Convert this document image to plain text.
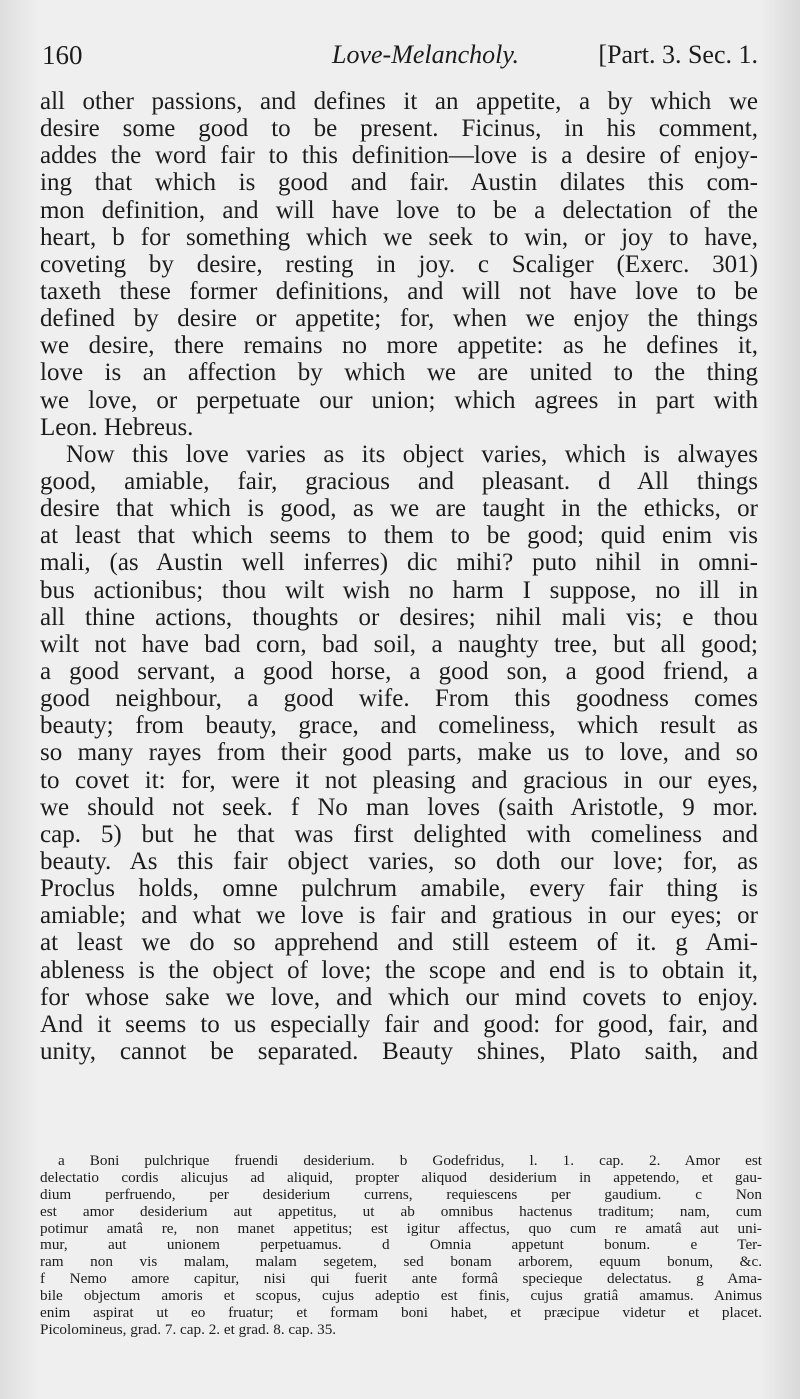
160	Love-Melancholy.	[Part. 3. Sec. 1.
all other passions, and defines it an appetite, a by which we
desire some good to be present. Ficinus, in his comment,
addes the word fair to this definition—love is a desire of enjoy-
ing that which is good and fair. Austin dilates this com-
mon definition, and will have love to be a delectation of the
heart, b for something which we seek to win, or joy to have,
coveting by desire, resting in joy. c Scaliger (Exerc. 301)
taxeth these former definitions, and will not have love to be
defined by desire or appetite; for, when we enjoy the things
we desire, there remains no more appetite: as he defines it,
love is an affection by which we are united to the thing
we love, or perpetuate our union; which agrees in part with
Leon. Hebreus.
Now this love varies as its object varies, which is alwayes
good, amiable, fair, gracious and pleasant. d All things
desire that which is good, as we are taught in the ethicks, or
at least that which seems to them to be good; quid enim vis
mali, (as Austin well inferres) dic mihi? puto nihil in omni-
bus actionibus; thou wilt wish no harm I suppose, no ill in
all thine actions, thoughts or desires; nihil mali vis; e thou
wilt not have bad corn, bad soil, a naughty tree, but all good;
a good servant, a good horse, a good son, a good friend, a
good neighbour, a good wife. From this goodness comes
beauty; from beauty, grace, and comeliness, which result as
so many rayes from their good parts, make us to love, and so
to covet it: for, were it not pleasing and gracious in our eyes,
we should not seek. f No man loves (saith Aristotle, 9 mor.
cap. 5) but he that was first delighted with comeliness and
beauty. As this fair object varies, so doth our love; for, as
Proclus holds, omne pulchrum amabile, every fair thing is
amiable; and what we love is fair and gratious in our eyes; or
at least we do so apprehend and still esteem of it. g Ami-
ableness is the object of love; the scope and end is to obtain it,
for whose sake we love, and which our mind covets to enjoy.
And it seems to us especially fair and good: for good, fair, and
unity, cannot be separated. Beauty shines, Plato saith, and
a Boni pulchrique fruendi desiderium. b Godefridus, l. 1. cap. 2. Amor est
delectatio cordis alicujus ad aliquid, propter aliquod desiderium in appetendo, et gau-
dium perfruendo, per desiderium currens, requiescens per gaudium. c Non
est amor desiderium aut appetitus, ut ab omnibus hactenus traditum; nam, cum
potimur amatâ re, non manet appetitus; est igitur affectus, quo cum re amatâ aut uni-
mur, aut unionem perpetuamus. d Omnia appetunt bonum. e Ter-
ram non vis malam, malam segetem, sed bonam arborem, equum bonum, &c.
f Nemo amore capitur, nisi qui fuerit ante formâ specieque delectatus. g Ama-
bile objectum amoris et scopus, cujus adeptio est finis, cujus gratiâ amamus. Animus
enim aspirat ut eo fruatur; et formam boni habet, et præcipue videtur et placet.
Picolomineus, grad. 7. cap. 2. et grad. 8. cap. 35.
